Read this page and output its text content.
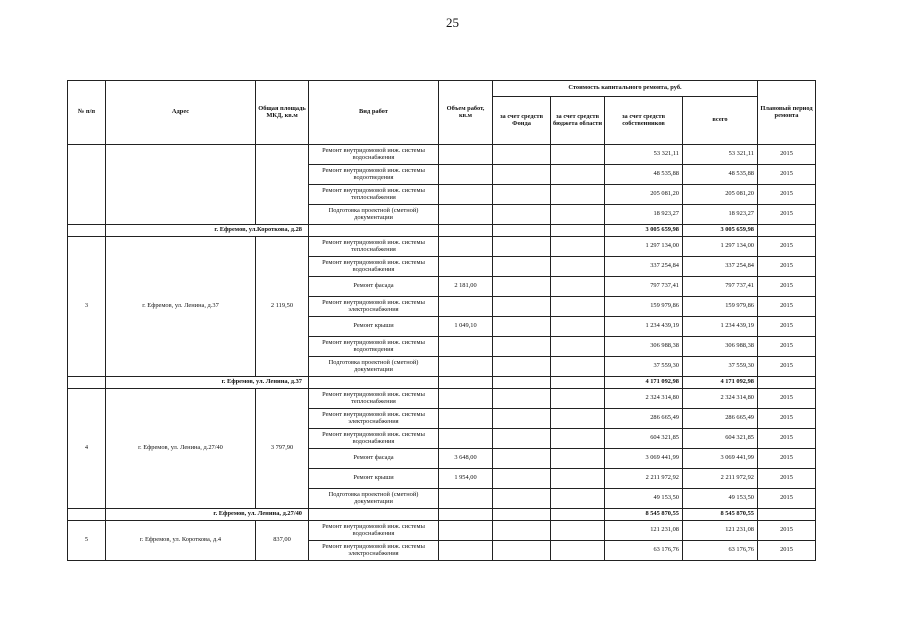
25
№ п/п	Адрес	Общая площадь МКД, кв.м	Вид работ	Объем работ, кв.м	Стоимость капитального ремонта, руб.				Плановый период ремонта
					за счет средств Фонда	за счет средств бюджета области	за счет средств собственников	всего	
			Ремонт внутридомовой инж. системы водоснабжения				53 321,11	53 321,11	2015
			Ремонт внутридомовой инж. системы водоотведения				48 535,88	48 535,88	2015
			Ремонт внутридомовой инж. системы теплоснабжения				205 081,20	205 081,20	2015
			Подготовка проектной (сметной) документации				18 923,27	18 923,27	2015
	г. Ефремов, ул.Короткова, д.28						3 005 659,98	3 005 659,98	
3	г. Ефремов, ул. Ленина, д.37	2 119,50	Ремонт внутридомовой инж. системы теплоснабжения				1 297 134,00	1 297 134,00	2015
			Ремонт внутридомовой инж. системы водоснабжения				337 254,84	337 254,84	2015
			Ремонт фасада	2 181,00			797 737,41	797 737,41	2015
			Ремонт внутридомовой инж. системы электроснабжения				159 979,86	159 979,86	2015
			Ремонт крыши	1 049,10			1 234 439,19	1 234 439,19	2015
			Ремонт внутридомовой инж. системы водоотведения				306 988,38	306 988,38	2015
			Подготовка проектной (сметной) документации				37 559,30	37 559,30	2015
	г. Ефремов, ул. Ленина, д.37						4 171 092,98	4 171 092,98	
4	г. Ефремов, ул. Ленина, д.27/40	3 797,90	Ремонт внутридомовой инж. системы теплоснабжения				2 324 314,80	2 324 314,80	2015
			Ремонт внутридомовой инж. системы электроснабжения				286 665,49	286 665,49	2015
			Ремонт внутридомовой инж. системы водоснабжения				604 321,85	604 321,85	2015
			Ремонт фасада	3 648,00			3 069 441,99	3 069 441,99	2015
			Ремонт крыши	1 954,00			2 211 972,92	2 211 972,92	2015
			Подготовка проектной (сметной) документации				49 153,50	49 153,50	2015
	г. Ефремов, ул. Ленина, д.27/40						8 545 870,55	8 545 870,55	
5	г. Ефремов, ул. Короткова, д.4	837,00	Ремонт внутридомовой инж. системы водоснабжения				121 231,08	121 231,08	2015
			Ремонт внутридомовой инж. системы электроснабжения				63 176,76	63 176,76	2015
